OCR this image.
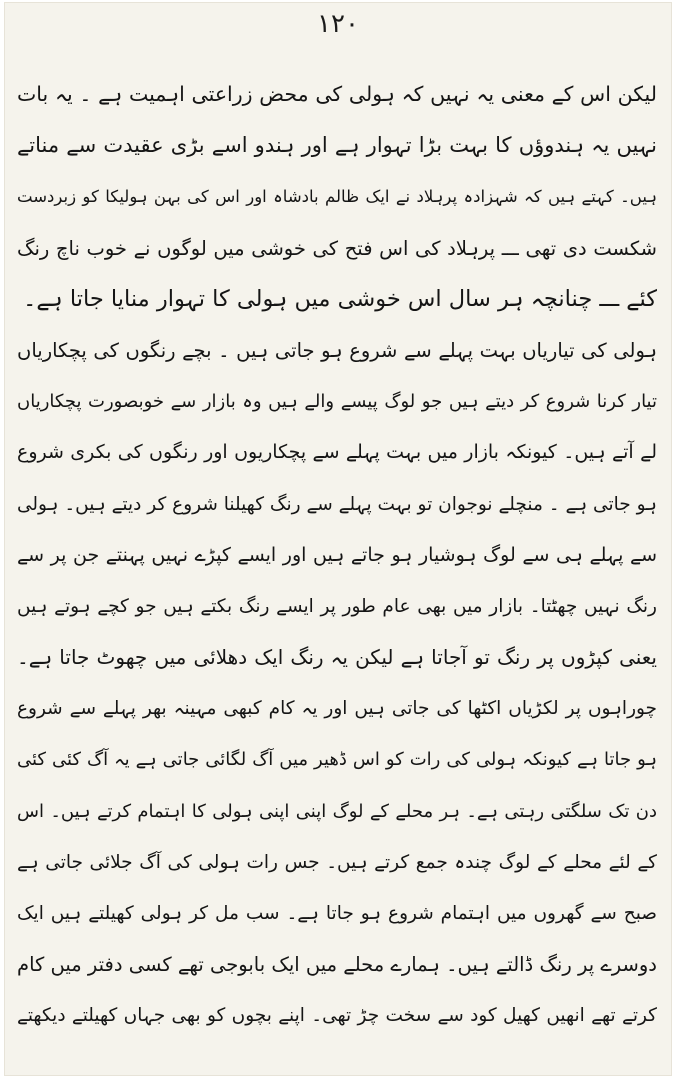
۱۲۰
لیکن اس کے معنی یہ نہیں کہ ہولی کی محض زراعتی اہمیت ہے ۔ یہ بات
نہیں یہ ہندوؤں کا بہت بڑا تہوار ہے اور ہندو اسے بڑی عقیدت سے مناتے
ہیں۔ کہتے ہیں کہ شہزادہ پرہلاد نے ایک ظالم بادشاہ اور اس کی بہن ہولیکا کو زبردست
شکست دی تھی ـــ پرہلاد کی اس فتح کی خوشی میں لوگوں نے خوب ناچ رنگ
کئے ـــ چنانچہ ہر سال اس خوشی میں ہولی کا تہوار منایا جاتا ہے۔
ہولی کی تیاریاں بہت پہلے سے شروع ہو جاتی ہیں ۔ بچے رنگوں کی پچکاریاں
تیار کرنا شروع کر دیتے ہیں جو لوگ پیسے والے ہیں وہ بازار سے خوبصورت پچکاریاں
لے آتے ہیں۔ کیونکہ بازار میں بہت پہلے سے پچکاریوں اور رنگوں کی بکری شروع
ہو جاتی ہے ۔ منچلے نوجوان تو بہت پہلے سے رنگ کھیلنا شروع کر دیتے ہیں۔ ہولی
سے پہلے ہی سے لوگ ہوشیار ہو جاتے ہیں اور ایسے کپڑے نہیں پہنتے جن پر سے
رنگ نہیں چھٹتا۔ بازار میں بھی عام طور پر ایسے رنگ بکتے ہیں جو کچے ہوتے ہیں
یعنی کپڑوں پر رنگ تو آجاتا ہے لیکن یہ رنگ ایک دھلائی میں چھوٹ جاتا ہے۔
چوراہوں پر لکڑیاں اکٹھا کی جاتی ہیں اور یہ کام کبھی مہینہ بھر پہلے سے شروع
ہو جاتا ہے کیونکہ ہولی کی رات کو اس ڈھیر میں آگ لگائی جاتی ہے یہ آگ کئی کئی
دن تک سلگتی رہتی ہے۔ ہر محلے کے لوگ اپنی اپنی ہولی کا اہتمام کرتے ہیں۔ اس
کے لئے محلے کے لوگ چندہ جمع کرتے ہیں۔ جس رات ہولی کی آگ جلائی جاتی ہے
صبح سے گھروں میں اہتمام شروع ہو جاتا ہے۔ سب مل کر ہولی کھیلتے ہیں ایک
دوسرے پر رنگ ڈالتے ہیں۔ ہمارے محلے میں ایک بابوجی تھے کسی دفتر میں کام
کرتے تھے انھیں کھیل کود سے سخت چڑ تھی۔ اپنے بچوں کو بھی جہاں کھیلتے دیکھتے
